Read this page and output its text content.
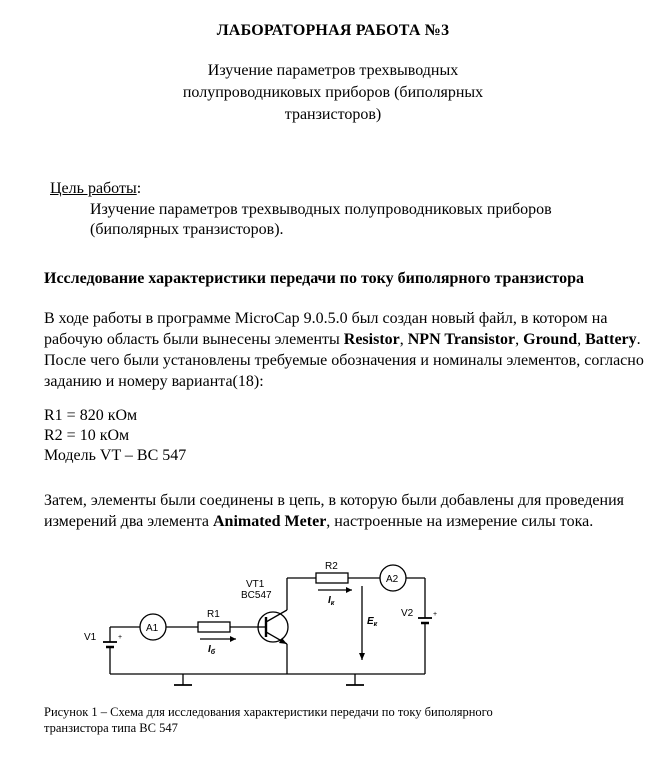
ЛАБОРАТОРНАЯ РАБОТА №3
Изучение параметров трехвыводных
полупроводниковых приборов (биполярных
транзисторов)
Цель работы:
Изучение параметров трехвыводных полупроводниковых приборов
(биполярных транзисторов).
Исследование характеристики передачи по току биполярного транзистора
В ходе работы в программе MicroCap 9.0.5.0 был создан новый файл, в котором на рабочую область были вынесены элементы Resistor, NPN Transistor, Ground, Battery. После чего были установлены требуемые обозначения и номиналы элементов, согласно заданию и номеру варианта(18):
R1 = 820 кОм
R2 = 10 кОм
Модель VT – BC 547
Затем, элементы были соединены в цепь, в которую были добавлены для проведения измерений два элемента Animated Meter, настроенные на измерение силы тока.
V1	+
A1
R1
$I_б$
VT1
BC547
R2
$I_к$
A2
V2	+
$E_к$
Рисунок 1 – Схема для исследования характеристики передачи по току биполярного
транзистора типа BC 547
